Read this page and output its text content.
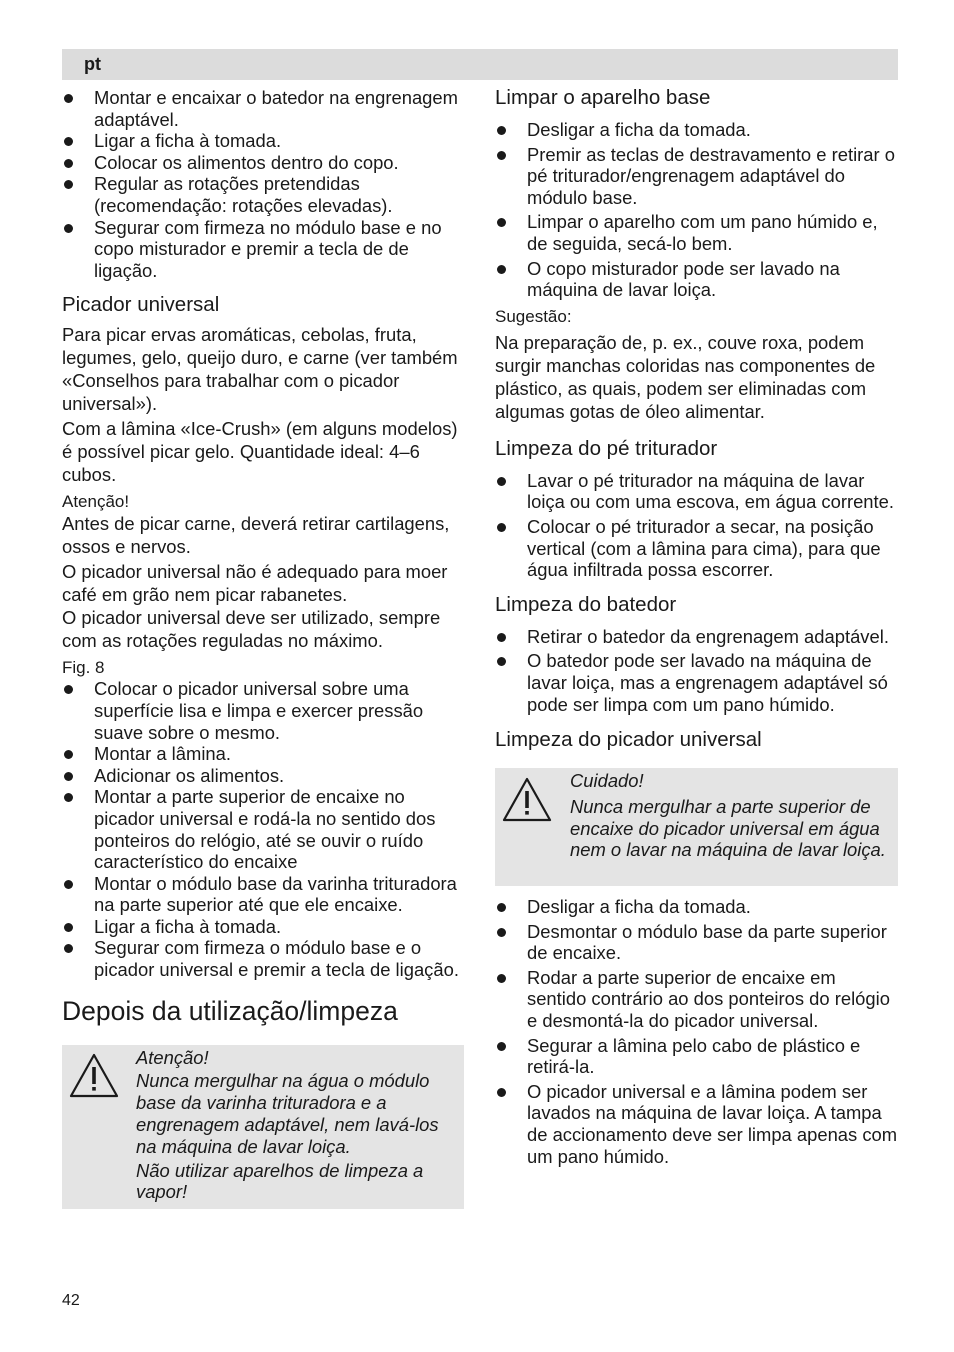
pt
Montar e encaixar o batedor na engrenagem adaptável.
Ligar a ficha à tomada.
Colocar os alimentos dentro do copo.
Regular as rotações pretendidas (recomendação: rotações elevadas).
Segurar com firmeza no módulo base e no copo misturador e premir a tecla de de ligação.
Picador universal

Para picar ervas aromáticas, cebolas, fruta, legumes, gelo, queijo duro, e carne (ver também «Conselhos para trabalhar com o picador universal»).

Com a lâmina «Ice-Crush» (em alguns modelos) é possível picar gelo. Quantidade ideal: 4–6 cubos.

Atenção!

Antes de picar carne, deverá retirar cartilagens, ossos e nervos.

O picador universal não é adequado para moer café em grão nem picar rabanetes.

O picador universal deve ser utilizado, sempre com as rotações reguladas no máximo.

Fig. 8
Colocar o picador universal sobre uma superfície lisa e limpa e exercer pressão suave sobre o mesmo.
Montar a lâmina.
Adicionar os alimentos.
Montar a parte superior de encaixe no picador universal e rodá-la no sentido dos ponteiros do relógio, até se ouvir o ruído característico do encaixe
Montar o módulo base da varinha trituradora na parte superior até que ele encaixe.
Ligar a ficha à tomada.
Segurar com firmeza o módulo base e o picador universal e premir a tecla de ligação.
Depois da utilização/limpeza
Atenção!
Nunca mergulhar na água o módulo base da varinha trituradora e a engrenagem adaptável, nem lavá-los na máquina de lavar loiça.
Não utilizar aparelhos de limpeza a vapor!
Limpar o aparelho base
Desligar a ficha da tomada.
Premir as teclas de destravamento e retirar o pé triturador/engrenagem adaptável do módulo base.
Limpar o aparelho com um pano húmido e, de seguida, secá-lo bem.
O copo misturador pode ser lavado na máquina de lavar loiça.
Sugestão:

Na preparação de, p. ex., couve roxa, podem surgir manchas coloridas nas componentes de plástico, as quais, podem ser eliminadas com algumas gotas de óleo alimentar.

Limpeza do pé triturador
Lavar o pé triturador na máquina de lavar loiça ou com uma escova, em água corrente.
Colocar o pé triturador a secar, na posição vertical (com a lâmina para cima), para que água infiltrada possa escorrer.
Limpeza do batedor
Retirar o batedor da engrenagem adaptável.
O batedor pode ser lavado na máquina de lavar loiça, mas a engrenagem adaptável só pode ser limpa com um pano húmido.
Limpeza do picador universal
Cuidado!
Nunca mergulhar a parte superior de encaixe do picador universal em água nem o lavar na máquina de lavar loiça.
Desligar a ficha da tomada.
Desmontar o módulo base da parte superior de encaixe.
Rodar a parte superior de encaixe em sentido contrário ao dos ponteiros do relógio e desmontá-la do picador universal.
Segurar a lâmina pelo cabo de plástico e retirá-la.
O picador universal e a lâmina podem ser lavados na máquina de lavar loiça. A tampa de accionamento deve ser limpa apenas com um pano húmido.
42
